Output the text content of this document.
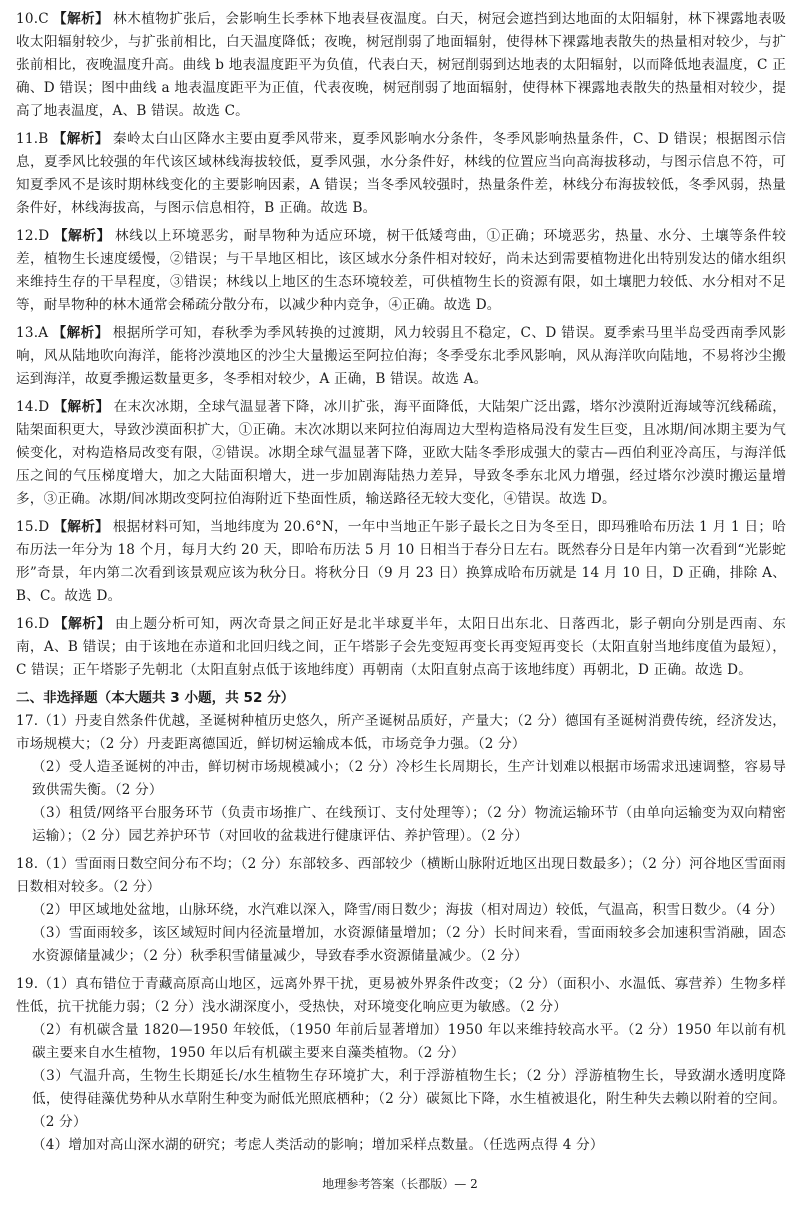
10.C 【解析】 林木植物扩张后，会影响生长季林下地表昼夜温度。白天，树冠会遮挡到达地面的太阳辐射，林下裸露地表吸收太阳辐射较少，与扩张前相比，白天温度降低；夜晚，树冠削弱了地面辐射，使得林下裸露地表散失的热量相对较少，与扩张前相比，夜晚温度升高。曲线 b 地表温度距平为负值，代表白天，树冠削弱到达地表的太阳辐射，以而降低地表温度，C 正确、D 错误；图中曲线 a 地表温度距平为正值，代表夜晚，树冠削弱了地面辐射，使得林下裸露地表散失的热量相对较少，提高了地表温度，A、B 错误。故选 C。

11.B 【解析】 秦岭太白山区降水主要由夏季风带来，夏季风影响水分条件，冬季风影响热量条件，C、D 错误；根据图示信息，夏季风比较强的年代该区域林线海拔较低，夏季风强，水分条件好，林线的位置应当向高海拔移动，与图示信息不符，可知夏季风不是该时期林线变化的主要影响因素，A 错误；当冬季风较强时，热量条件差，林线分布海拔较低，冬季风弱，热量条件好，林线海拔高，与图示信息相符，B 正确。故选 B。

12.D 【解析】 林线以上环境恶劣，耐旱物种为适应环境，树干低矮弯曲，①正确；环境恶劣，热量、水分、土壤等条件较差，植物生长速度缓慢，②错误；与干旱地区相比，该区域水分条件相对较好，尚未达到需要植物进化出特别发达的储水组织来维持生存的干旱程度，③错误；林线以上地区的生态环境较差，可供植物生长的资源有限，如土壤肥力较低、水分相对不足等，耐旱物种的林木通常会稀疏分散分布，以减少种内竞争，④正确。故选 D。

13.A 【解析】 根据所学可知，春秋季为季风转换的过渡期，风力较弱且不稳定，C、D 错误。夏季索马里半岛受西南季风影响，风从陆地吹向海洋，能将沙漠地区的沙尘大量搬运至阿拉伯海；冬季受东北季风影响，风从海洋吹向陆地，不易将沙尘搬运到海洋，故夏季搬运数量更多，冬季相对较少，A 正确，B 错误。故选 A。

14.D 【解析】 在末次冰期，全球气温显著下降，冰川扩张，海平面降低，大陆架广泛出露，塔尔沙漠附近海域等沉线稀疏，陆架面积更大，导致沙漠面积扩大，①正确。末次冰期以来阿拉伯海周边大型构造格局没有发生巨变，且冰期/间冰期主要为气候变化，对构造格局改变有限，②错误。冰期全球气温显著下降，亚欧大陆冬季形成强大的蒙古—西伯利亚冷高压，与海洋低压之间的气压梯度增大，加之大陆面积增大，进一步加剧海陆热力差异，导致冬季东北风力增强，经过塔尔沙漠时搬运量增多，③正确。冰期/间冰期改变阿拉伯海附近下垫面性质，输送路径无较大变化，④错误。故选 D。

15.D 【解析】 根据材料可知，当地纬度为 20.6°N，一年中当地正午影子最长之日为冬至日，即玛雅哈布历法 1 月 1 日；哈布历法一年分为 18 个月，每月大约 20 天，即哈布历法 5 月 10 日相当于春分日左右。既然春分日是年内第一次看到“光影蛇形”奇景，年内第二次看到该景观应该为秋分日。将秋分日（9 月 23 日）换算成哈布历就是 14 月 10 日，D 正确，排除 A、B、C。故选 D。

16.D 【解析】 由上题分析可知，两次奇景之间正好是北半球夏半年，太阳日出东北、日落西北，影子朝向分别是西南、东南，A、B 错误；由于该地在赤道和北回归线之间，正午塔影子会先变短再变长再变短再变长（太阳直射当地纬度值为最短），C 错误；正午塔影子先朝北（太阳直射点低于该地纬度）再朝南（太阳直射点高于该地纬度）再朝北，D 正确。故选 D。

二、非选择题（本大题共 3 小题，共 52 分）

17.（1）丹麦自然条件优越，圣诞树种植历史悠久，所产圣诞树品质好，产量大；（2 分）德国有圣诞树消费传统，经济发达，市场规模大；（2 分）丹麦距离德国近，鲜切树运输成本低，市场竞争力强。（2 分）

（2）受人造圣诞树的冲击，鲜切树市场规模减小；（2 分）冷杉生长周期长，生产计划难以根据市场需求迅速调整，容易导致供需失衡。（2 分）

（3）租赁/网络平台服务环节（负责市场推广、在线预订、支付处理等）；（2 分）物流运输环节（由单向运输变为双向精密运输）；（2 分）园艺养护环节（对回收的盆栽进行健康评估、养护管理）。（2 分）

18.（1）雪面雨日数空间分布不均；（2 分）东部较多、西部较少（横断山脉附近地区出现日数最多）；（2 分）河谷地区雪面雨日数相对较多。（2 分）

（2）甲区域地处盆地，山脉环绕，水汽难以深入，降雪/雨日数少；海拔（相对周边）较低，气温高，积雪日数少。（4 分）

（3）雪面雨较多，该区域短时间内径流量增加，水资源储量增加；（2 分）长时间来看，雪面雨较多会加速积雪消融，固态水资源储量减少；（2 分）秋季积雪储量减少，导致春季水资源储量减少。（2 分）

19.（1）真布错位于青藏高原高山地区，远离外界干扰，更易被外界条件改变；（2 分）（面积小、水温低、寡营养）生物多样性低，抗干扰能力弱；（2 分）浅水湖深度小，受热快，对环境变化响应更为敏感。（2 分）

（2）有机碳含量 1820—1950 年较低，（1950 年前后显著增加）1950 年以来维持较高水平。（2 分）1950 年以前有机碳主要来自水生植物，1950 年以后有机碳主要来自藻类植物。（2 分）

（3）气温升高，生物生长期延长/水生植物生存环境扩大，利于浮游植物生长；（2 分）浮游植物生长，导致湖水透明度降低，使得硅藻优势种从水草附生种变为耐低光照底栖种；（2 分）碳氮比下降，水生植被退化，附生种失去赖以附着的空间。（2 分）

（4）增加对高山深水湖的研究；考虑人类活动的影响；增加采样点数量。（任选两点得 4 分）

地理参考答案（长郡版）— 2
